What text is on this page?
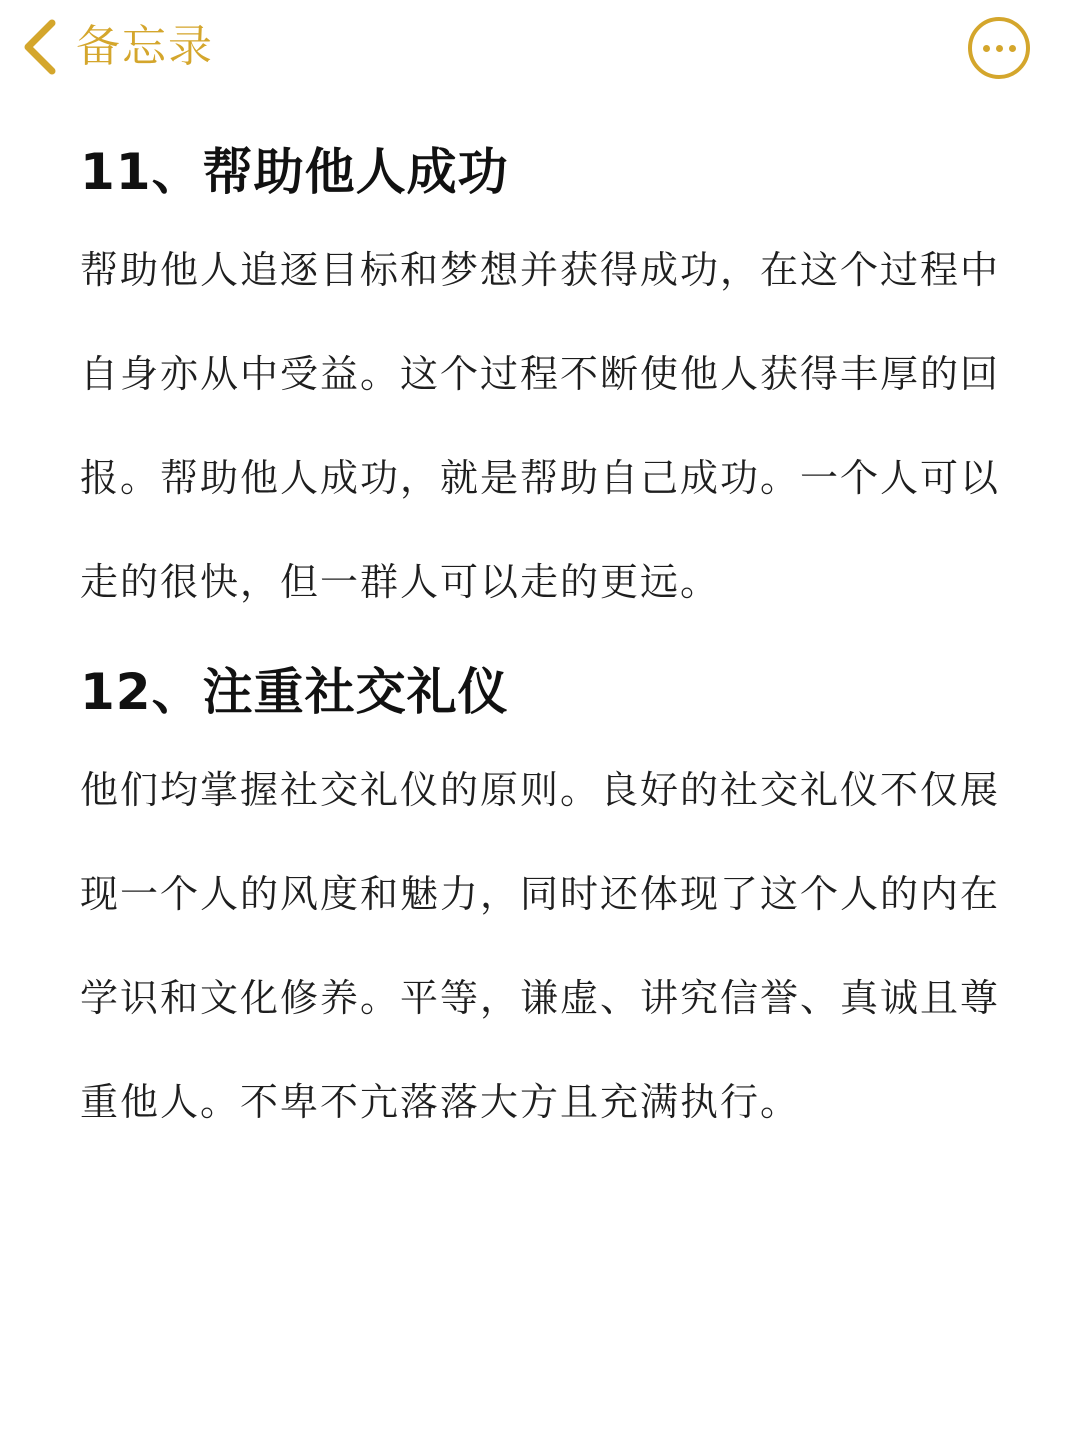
备忘录
11、帮助他人成功

帮助他人追逐目标和梦想并获得成功，在这个过程中自身亦从中受益。这个过程不断使他人获得丰厚的回报。帮助他人成功，就是帮助自己成功。一个人可以走的很快，但一群人可以走的更远。

12、注重社交礼仪

他们均掌握社交礼仪的原则。良好的社交礼仪不仅展现一个人的风度和魅力，同时还体现了这个人的内在学识和文化修养。平等，谦虚、讲究信誉、真诚且尊重他人。不卑不亢落落大方且充满执行。
